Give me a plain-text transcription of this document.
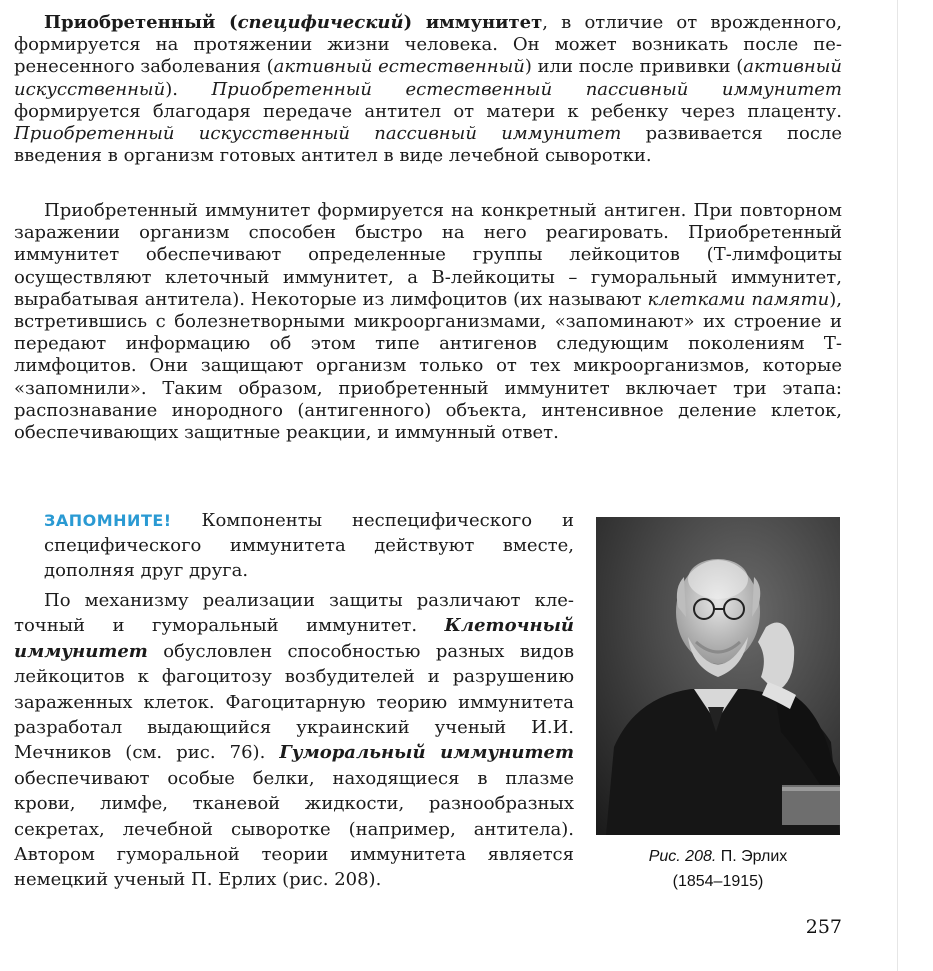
Приобретенный (специфический) иммунитет, в отличие от врожденного, формируется на протяжении жизни человека. Он может возникать после перенесенного заболевания (активный естественный) или после прививки (активный искусственный). Приобретенный естественный пассивный иммунитет формируется благодаря передаче антител от матери к ребенку через плаценту. Приобретенный искусственный пассивный иммунитет развивается после введения в организм готовых антител в виде лечебной сыворотки.

Приобретенный иммунитет формируется на конкретный антиген. При повторном заражении организм способен быстро на него реагировать. Приобретенный иммунитет обеспечивают определенные группы лейкоцитов (Т-лимфоциты осуществляют клеточный иммунитет, а В-лейкоциты – гуморальный иммунитет, вырабатывая антитела). Некоторые из лимфоцитов (их называют клетками памяти), встретившись с болезнетворными микроорганизмами, «запоминают» их строение и передают информацию об этом типе антигенов следующим поколениям Т-лимфоцитов. Они защищают организм только от тех микроорганизмов, которые «запомнили». Таким образом, приобретенный иммунитет включает три этапа: распознавание инородного (антигенного) объекта, интенсивное деление клеток, обеспечивающих защитные реакции, и иммунный ответ.

ЗАПОМНИТЕ! Компоненты неспецифического и специфического иммунитета действуют вместе, дополняя друг друга.

По механизму реализации защиты различают клеточный и гуморальный иммунитет. Клеточный иммунитет обусловлен способностью разных видов лейкоцитов к фагоцитозу возбудителей и разрушению зараженных клеток. Фагоцитарную теорию иммунитета разработал выдающийся украинский ученый И.И. Мечников (см. рис. 76). Гуморальный иммунитет обеспечивают особые белки, находящиеся в плазме крови, лимфе, тканевой жидкости, разнообразных секретах, лечебной сыворотке (например, антитела). Автором гуморальной теории иммунитета является немецкий ученый П. Ерлих (рис. 208).

Рис. 208. П. Эрлих
(1854–1915)
257
